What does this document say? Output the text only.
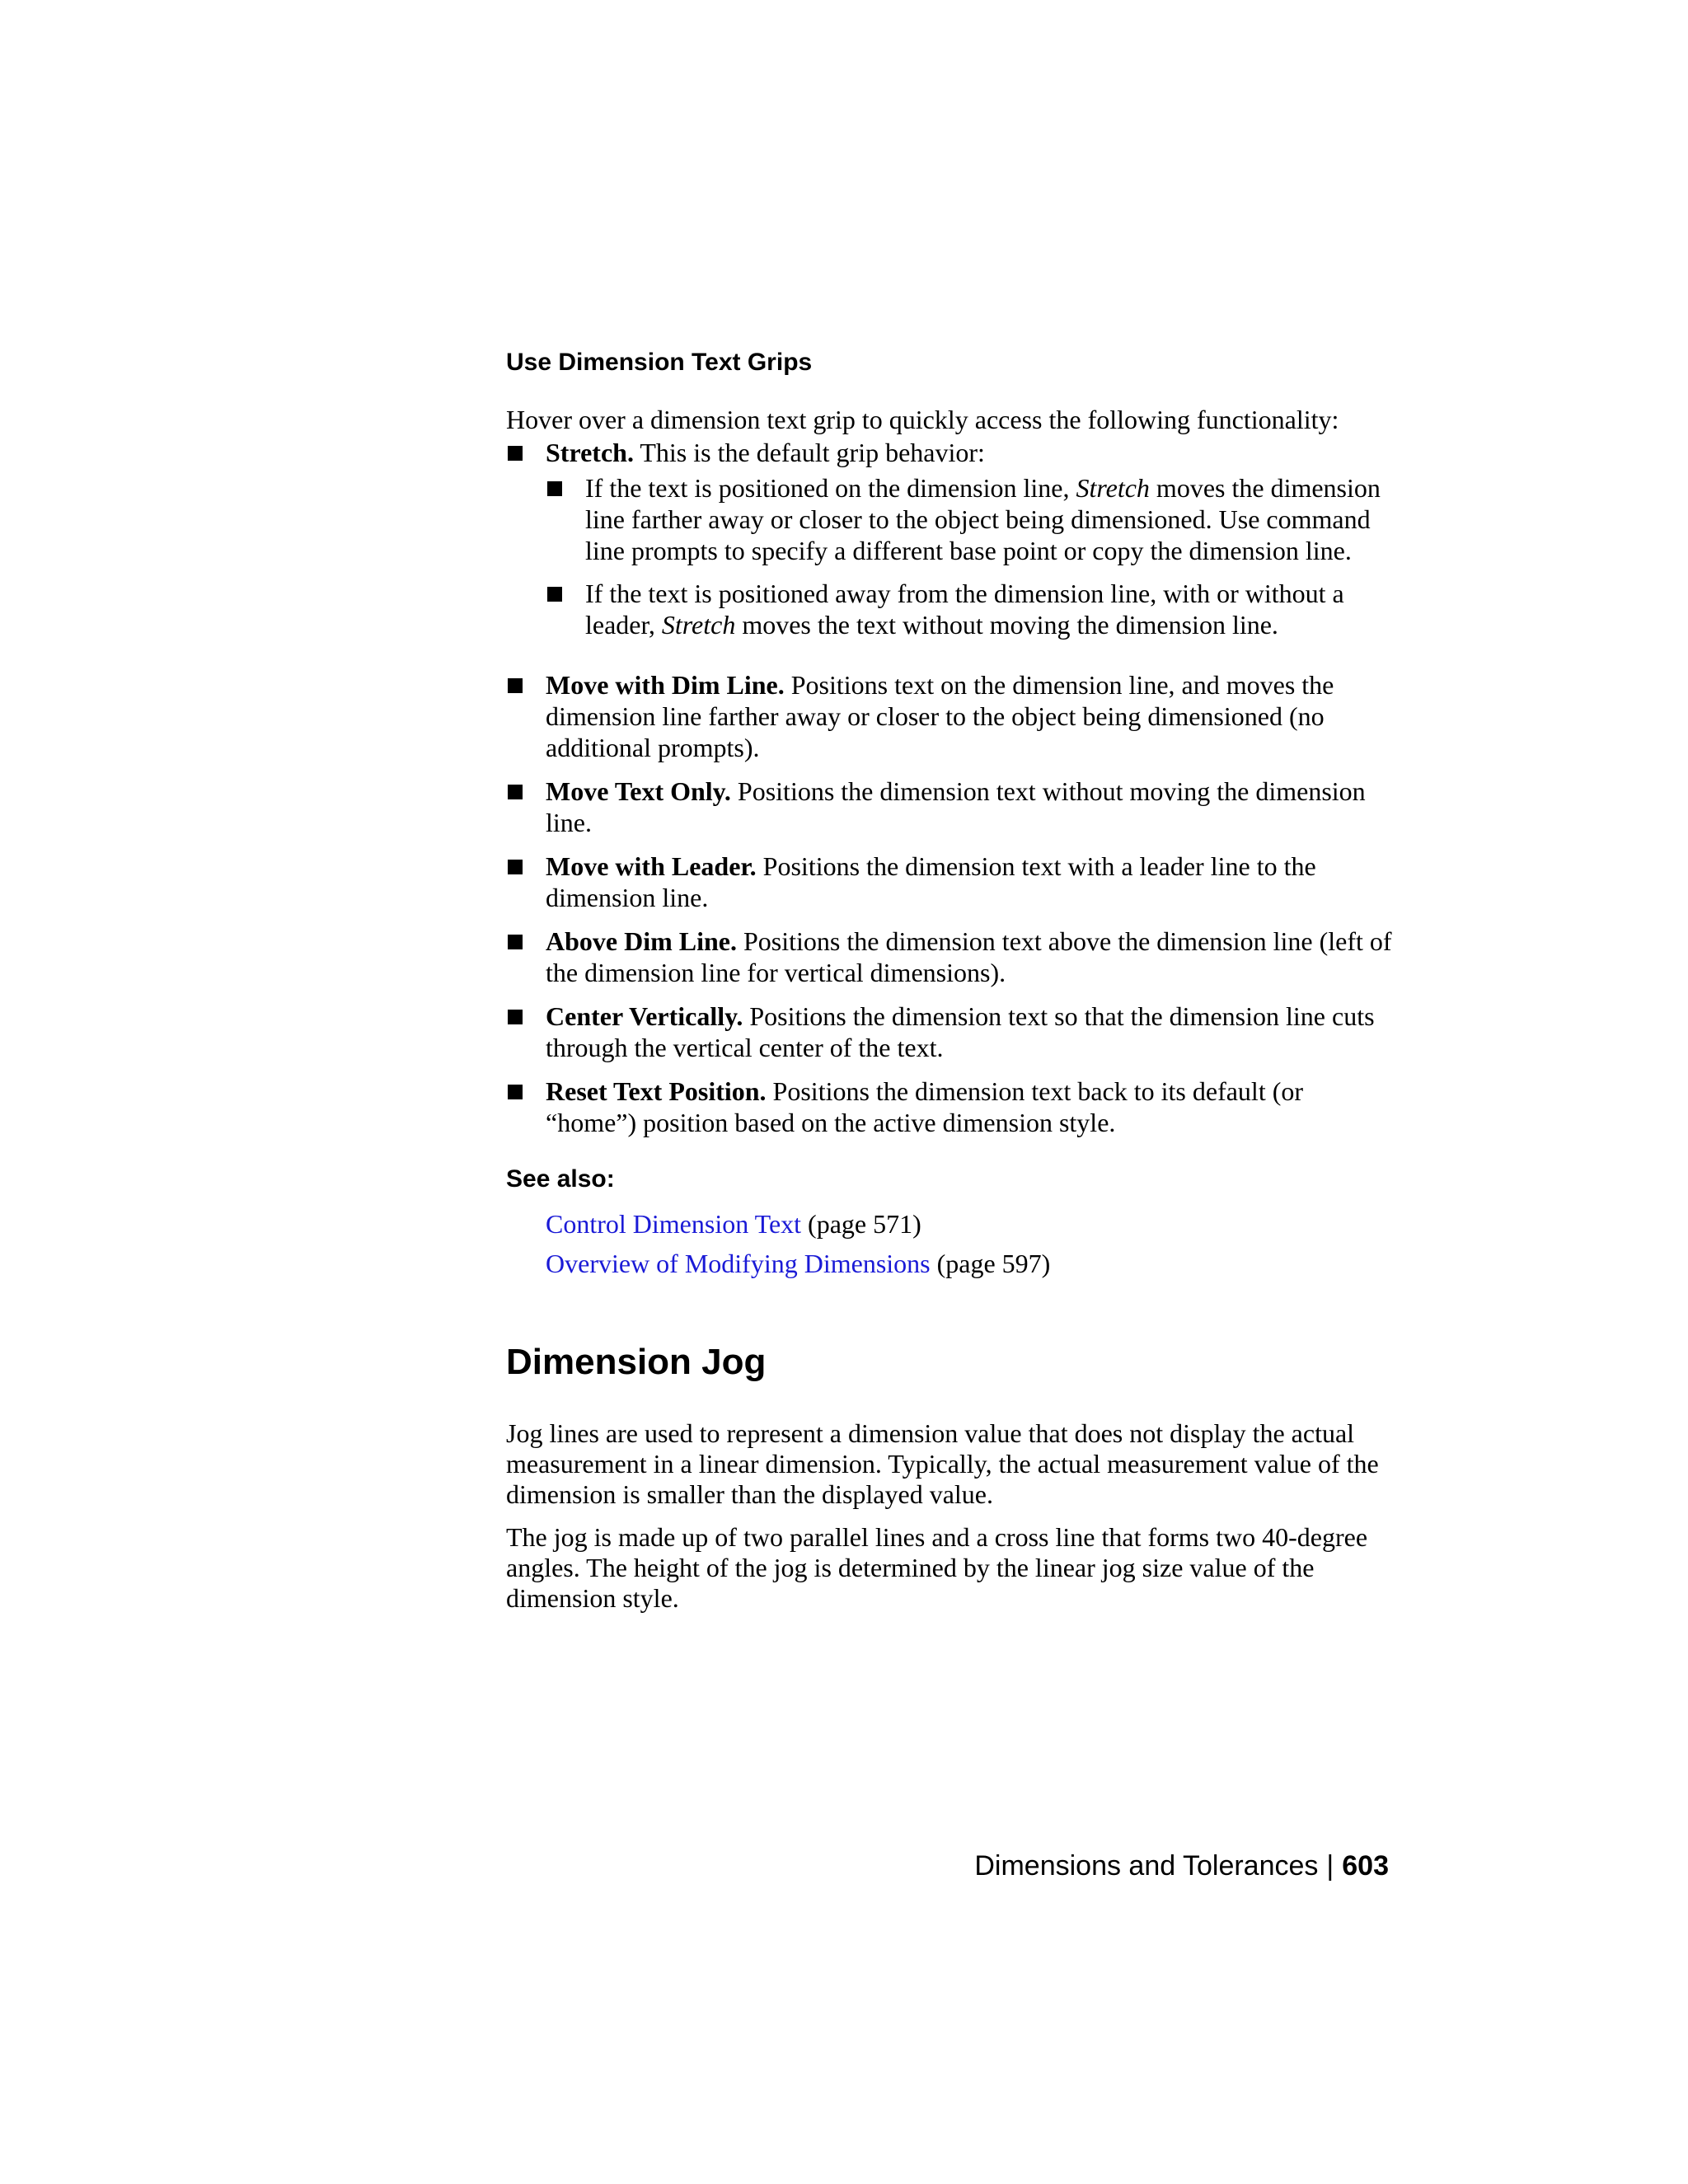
Use Dimension Text Grips

Hover over a dimension text grip to quickly access the following functionality:

Stretch. This is the default grip behavior:
If the text is positioned on the dimension line, Stretch moves the dimension line farther away or closer to the object being dimensioned. Use command line prompts to specify a different base point or copy the dimension line.
If the text is positioned away from the dimension line, with or without a leader, Stretch moves the text without moving the dimension line.
Move with Dim Line. Positions text on the dimension line, and moves the dimension line farther away or closer to the object being dimensioned (no additional prompts).
Move Text Only. Positions the dimension text without moving the dimension line.
Move with Leader. Positions the dimension text with a leader line to the dimension line.
Above Dim Line. Positions the dimension text above the dimension line (left of the dimension line for vertical dimensions).
Center Vertically. Positions the dimension text so that the dimension line cuts through the vertical center of the text.
Reset Text Position. Positions the dimension text back to its default (or “home”) position based on the active dimension style.
See also:
Control Dimension Text (page 571)
Overview of Modifying Dimensions (page 597)
Dimension Jog

Jog lines are used to represent a dimension value that does not display the actual measurement in a linear dimension. Typically, the actual measurement value of the dimension is smaller than the displayed value.

The jog is made up of two parallel lines and a cross line that forms two 40-degree angles. The height of the jog is determined by the linear jog size value of the dimension style.

Dimensions and Tolerances | 603
